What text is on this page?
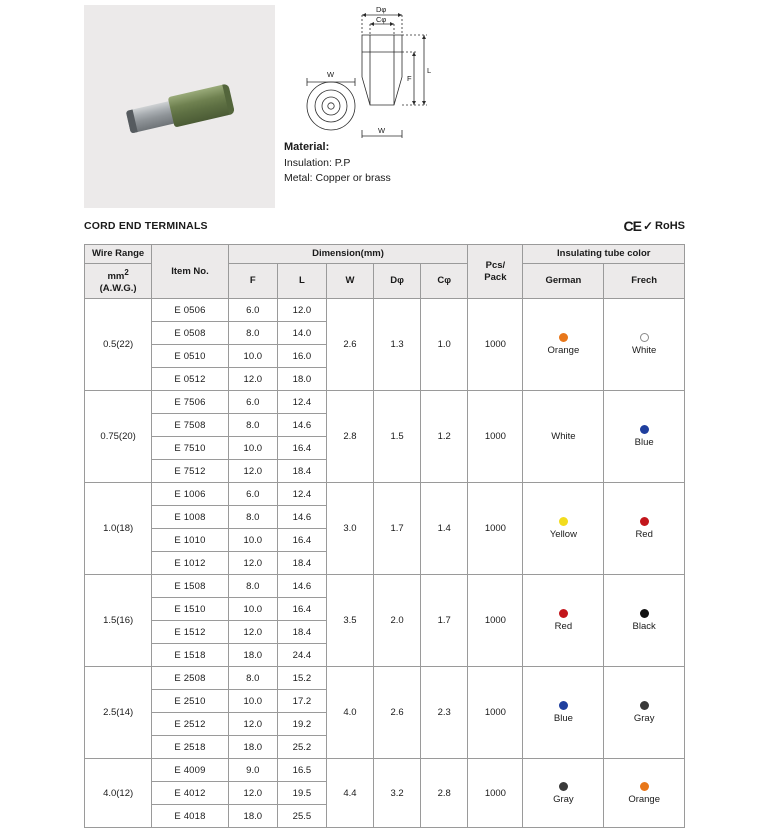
Dφ
Cφ
W
W
L
F
Material:
Insulation: P.P
Metal: Copper or brass
CORD END TERMINALS	CE ✓ RoHS
Wire Range	Item No.	Dimension(mm)					Pcs/
Pack	Insulating tube color	
		F	L	W	Dφ	Cφ		German	Frech

$mm^2$
(A.W.G.)									

0.5(22)	E 0506	6.0	12.0	2.6	1.3	1.0	1000	Orange	White

	E 0508	8.0	14.0						
	E 0510	10.0	16.0						
	E 0512	12.0	18.0						
0.75(20)	E 7506	6.0	12.4	2.8	1.5	1.2	1000	White	Blue

	E 7508	8.0	14.6						
	E 7510	10.0	16.4						
	E 7512	12.0	18.4						
1.0(18)	E 1006	6.0	12.4	3.0	1.7	1.4	1000	Yellow	Red

	E 1008	8.0	14.6						
	E 1010	10.0	16.4						
	E 1012	12.0	18.4						
1.5(16)	E 1508	8.0	14.6	3.5	2.0	1.7	1000	Red	Black

	E 1510	10.0	16.4						
	E 1512	12.0	18.4						
	E 1518	18.0	24.4						
2.5(14)	E 2508	8.0	15.2	4.0	2.6	2.3	1000	Blue	Gray

	E 2510	10.0	17.2						
	E 2512	12.0	19.2						
	E 2518	18.0	25.2						
4.0(12)	E 4009	9.0	16.5	4.4	3.2	2.8	1000	Gray	Orange

	E 4012	12.0	19.5						
	E 4018	18.0	25.5						
